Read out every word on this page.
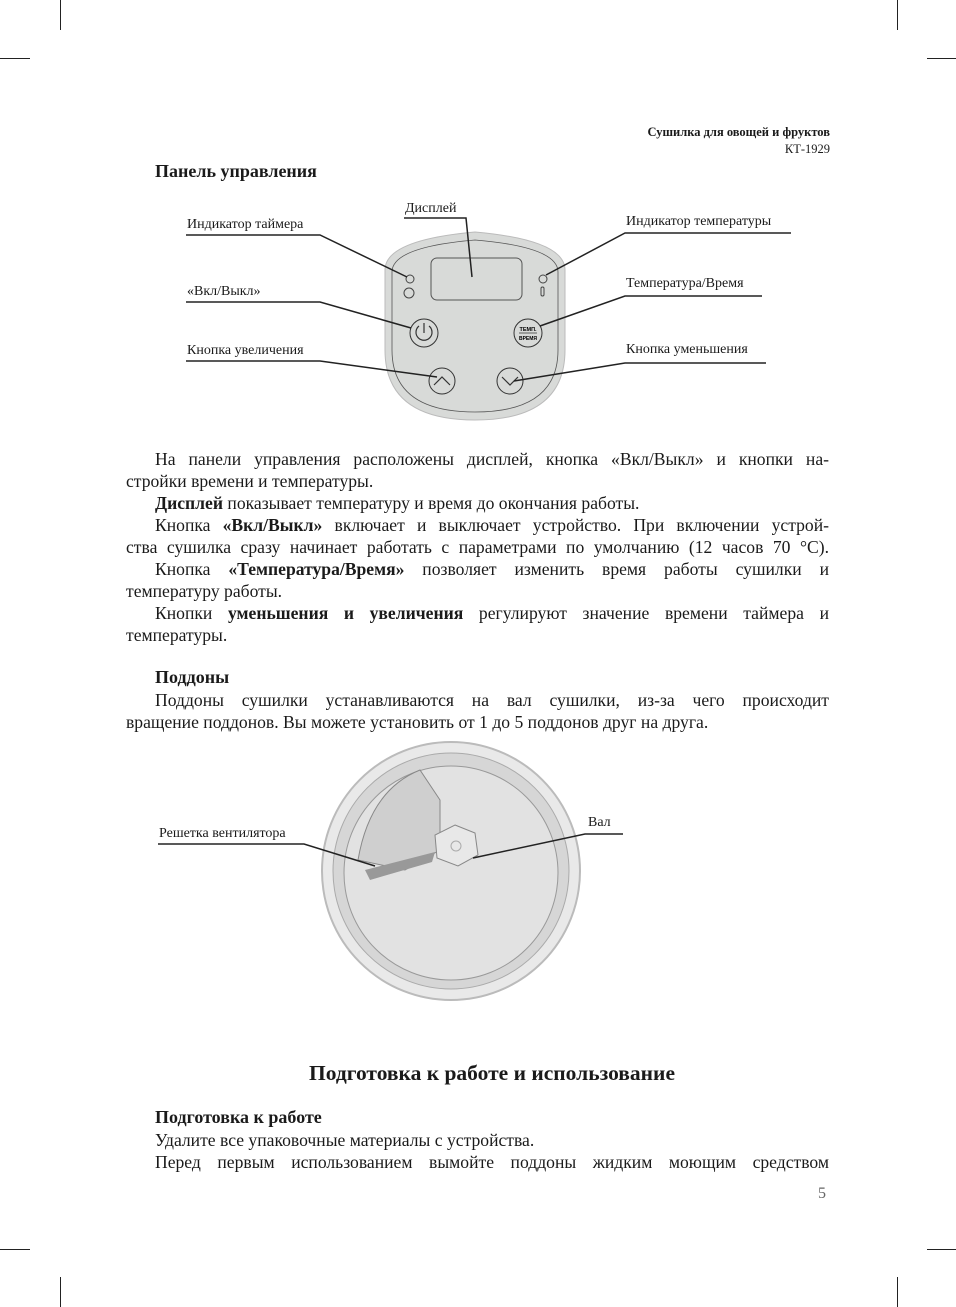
Сушилка для овощей и фруктов
КТ-1929
Панель управления
ТЕМП.
ВРЕМЯ
Дисплей
Индикатор таймера	Индикатор температуры
«Вкл/Выкл»
Температура/Время
Кнопка увеличения	Кнопка уменьшения
На панели управления расположены дисплей, кнопка «Вкл/Выкл» и кнопки на-
стройки времени и температуры.
Дисплей показывает температуру и время до окончания работы.
Кнопка «Вкл/Выкл» включает и выключает устройство. При включении устрой-
ства сушилка сразу начинает работать с параметрами по умолчанию (12 часов 70 °C).
Кнопка «Температура/Время» позволяет изменить время работы сушилки и
температуру работы.
Кнопки уменьшения и увеличения регулируют значение времени таймера и
температуры.
Поддоны
Поддоны сушилки устанавливаются на вал сушилки, из-за чего происходит
вращение поддонов. Вы можете установить от 1 до 5 поддонов друг на друга.
Решетка вентилятора
Вал
Подготовка к работе и использование
Подготовка к работе
Удалите все упаковочные материалы с устройства.
Перед первым использованием вымойте поддоны жидким моющим средством
5
